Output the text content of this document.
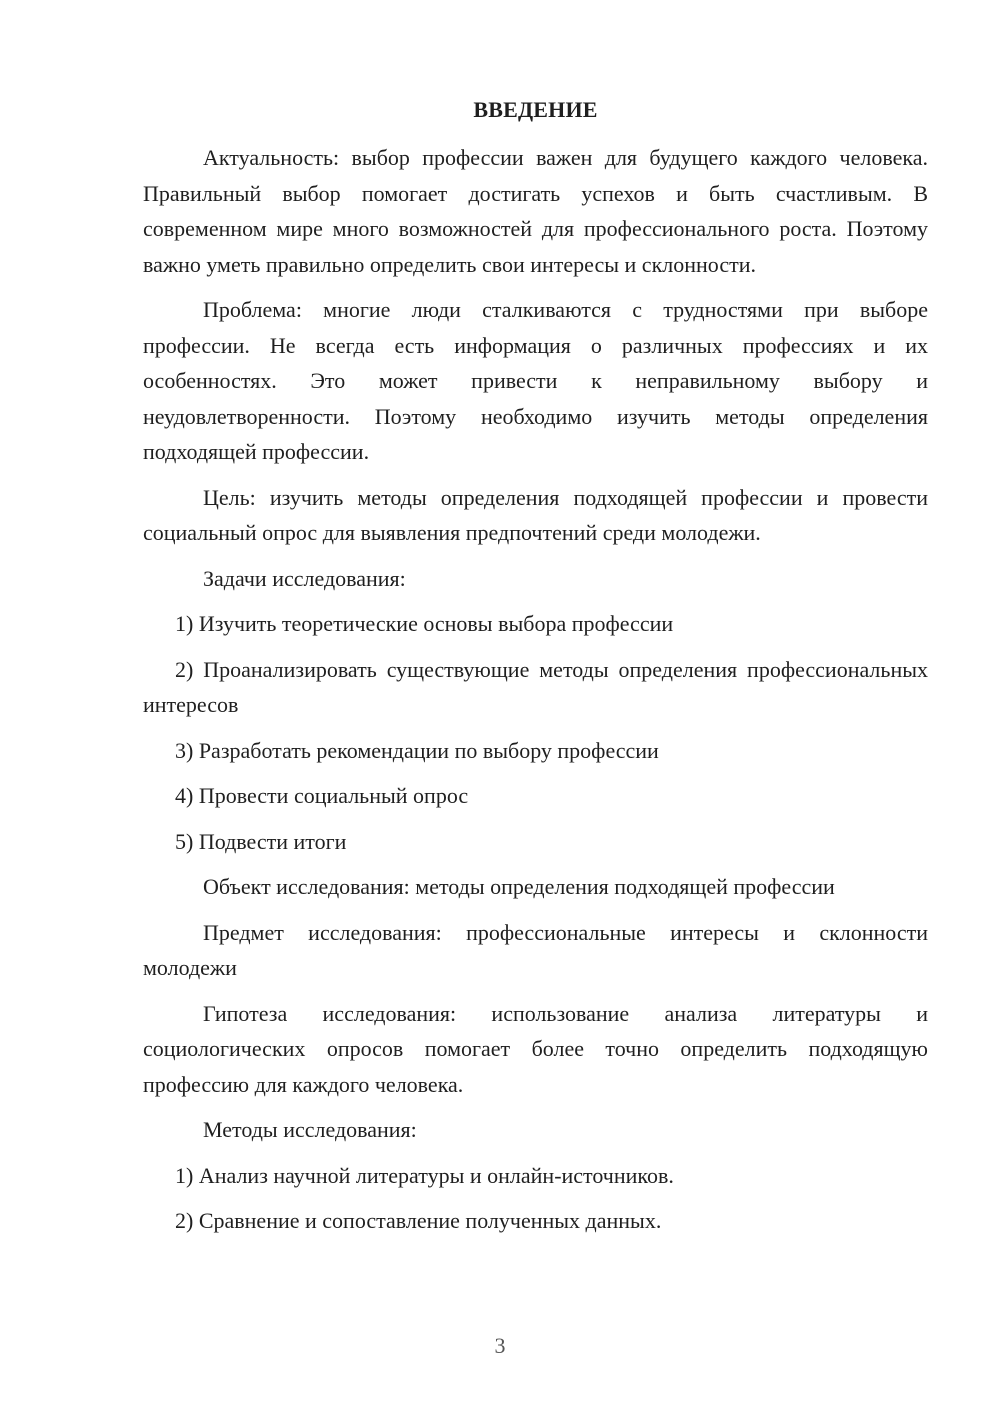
ВВЕДЕНИЕ

Актуальность: выбор профессии важен для будущего каждого человека. Правильный выбор помогает достигать успехов и быть счастливым. В современном мире много возможностей для профессионального роста. Поэтому важно уметь правильно определить свои интересы и склонности.

Проблема: многие люди сталкиваются с трудностями при выборе профессии. Не всегда есть информация о различных профессиях и их особенностях. Это может привести к неправильному выбору и неудовлетворенности. Поэтому необходимо изучить методы определения подходящей профессии.

Цель: изучить методы определения подходящей профессии и провести социальный опрос для выявления предпочтений среди молодежи.

Задачи исследования:

1) Изучить теоретические основы выбора профессии

2) Проанализировать существующие методы определения профессиональных интересов

3) Разработать рекомендации по выбору профессии

4) Провести социальный опрос

5) Подвести итоги

Объект исследования: методы определения подходящей профессии

Предмет исследования: профессиональные интересы и склонности молодежи

Гипотеза исследования: использование анализа литературы и социологических опросов помогает более точно определить подходящую профессию для каждого человека.

Методы исследования:

1) Анализ научной литературы и онлайн-источников.

2) Сравнение и сопоставление полученных данных.

3
